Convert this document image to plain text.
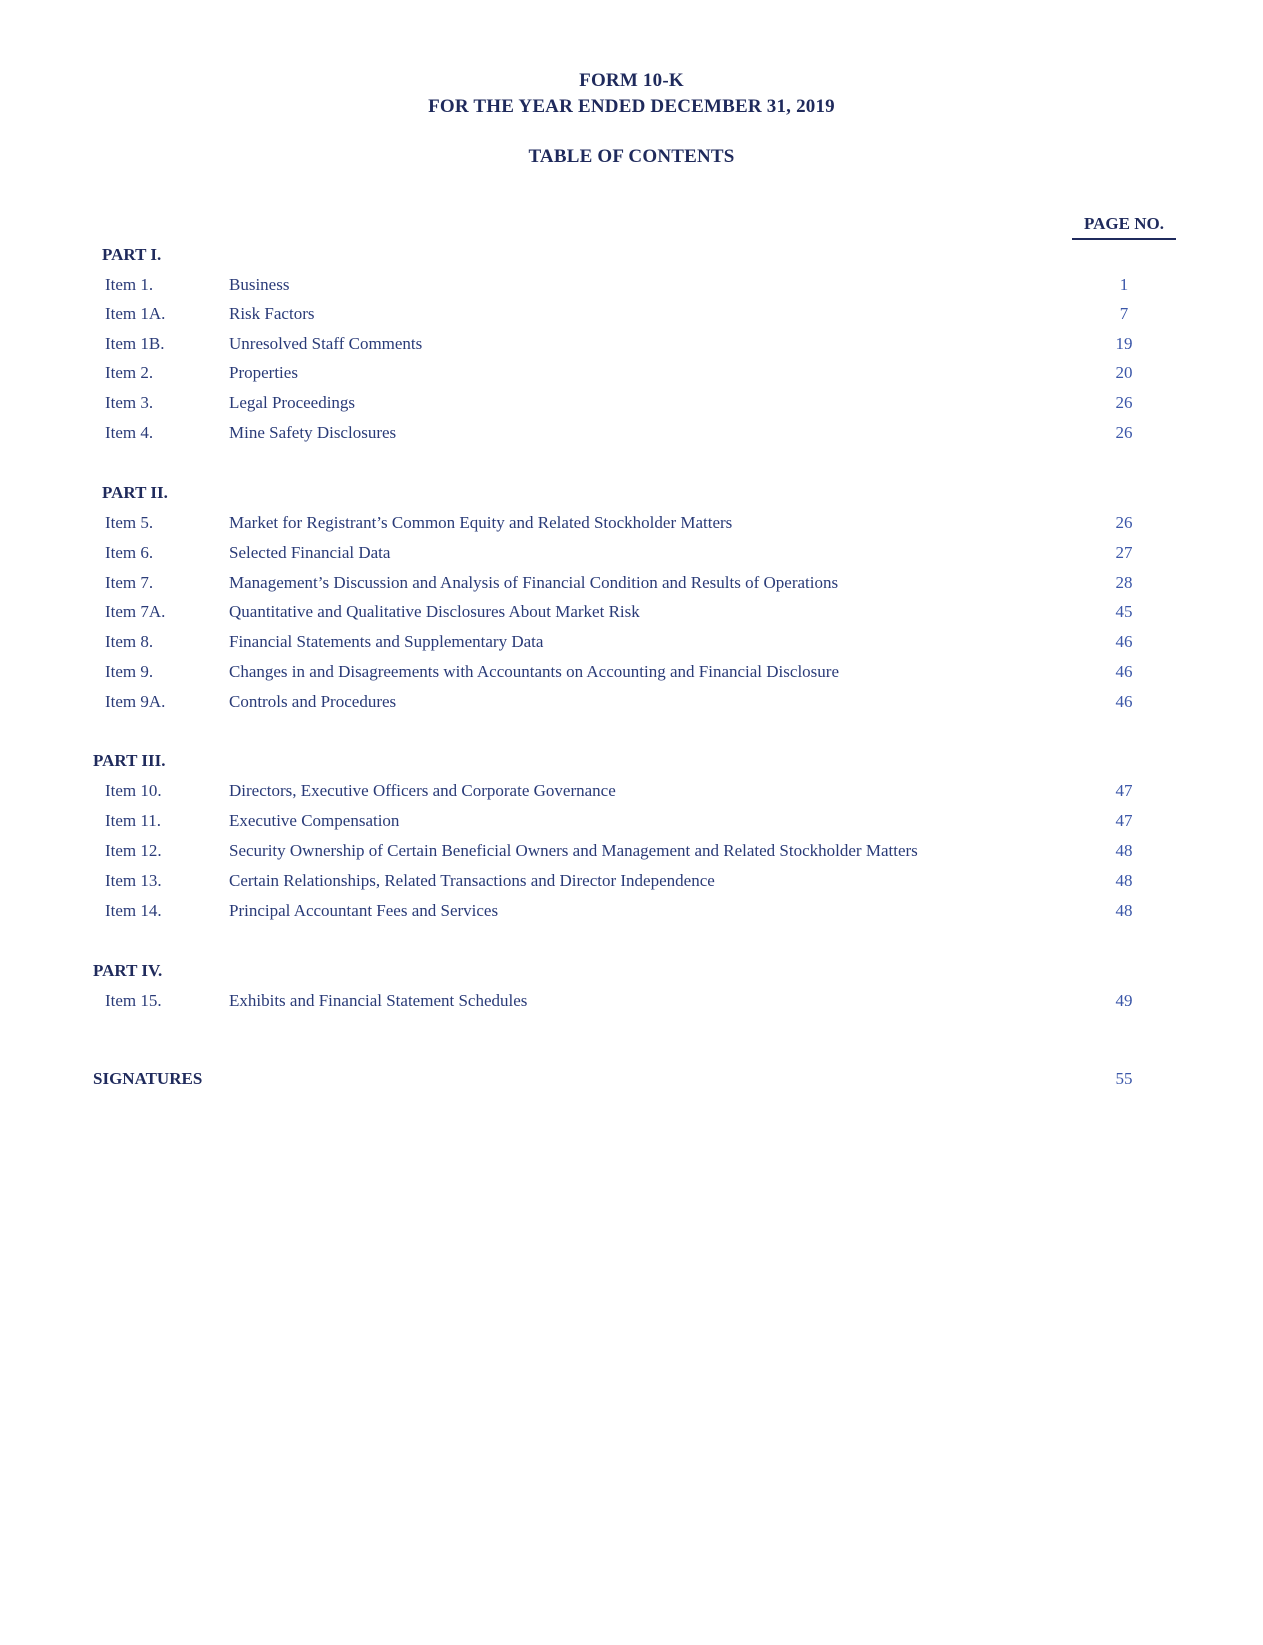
FORM 10-K
FOR THE YEAR ENDED DECEMBER 31, 2019
TABLE OF CONTENTS
PAGE NO.
PART I.
Item 1.	Business	1
Item 1A.	Risk Factors	7
Item 1B.	Unresolved Staff Comments	19
Item 2.	Properties	20
Item 3.	Legal Proceedings	26
Item 4.	Mine Safety Disclosures	26
PART II.
Item 5.	Market for Registrant’s Common Equity and Related Stockholder Matters	26
Item 6.	Selected Financial Data	27
Item 7.	Management’s Discussion and Analysis of Financial Condition and Results of Operations	28
Item 7A.	Quantitative and Qualitative Disclosures About Market Risk	45
Item 8.	Financial Statements and Supplementary Data	46
Item 9.	Changes in and Disagreements with Accountants on Accounting and Financial Disclosure	46
Item 9A.	Controls and Procedures	46
PART III.
Item 10.	Directors, Executive Officers and Corporate Governance	47
Item 11.	Executive Compensation	47
Item 12.	Security Ownership of Certain Beneficial Owners and Management and Related Stockholder Matters	48
Item 13.	Certain Relationships, Related Transactions and Director Independence	48
Item 14.	Principal Accountant Fees and Services	48
PART IV.
Item 15.	Exhibits and Financial Statement Schedules	49
SIGNATURES	55
